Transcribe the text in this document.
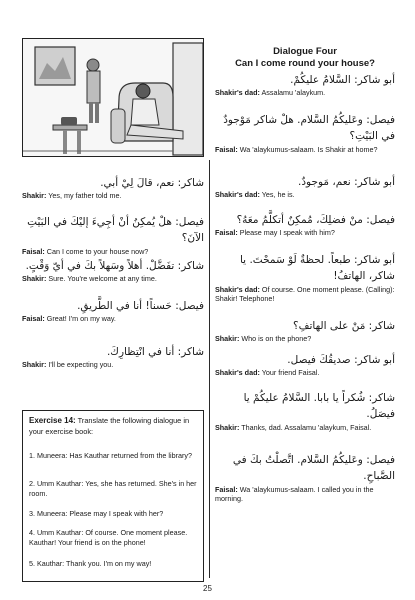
Dialogue Four
Can I come round your house?
شاكر: نعم، قالَ لِيْ أبي.
Shakir: Yes, my father told me.
فيصل: هلْ يُمكِنُ أنْ أجِيءَ إليْكَ في البَيْتِ الآنَ؟
Faisal: Can I come to your house now?
شاكر: تفَضَّلْ. أهلاً وسَهلاً بكَ في أيّ وَقْتٍ.
Shakir: Sure. You're welcome at any time.
فيصل: حَسناً! أنا في الطَّريقِ.
Faisal: Great! I'm on my way.
شاكر: أنا في انْتِظارِكَ.
Shakir: I'll be expecting you.
Exercise 14: Translate the following dialogue in your exercise book:
1. Muneera: Has Kauthar returned from the library?
2. Umm Kauthar: Yes, she has returned. She's in her room.
3. Muneera: Please may I speak with her?
4. Umm Kauthar: Of course. One moment please. Kauthar! Your friend is on the phone!
5. Kauthar: Thank you. I'm on my way!
أبو شاكر: السَّلامُ عليكُمْ.
Shakir's dad: Assalamu 'alaykum.
فيصل: وعَليكُمُ السَّلام. هلْ شاكر مَوْجودٌ في البَيْتِ؟
Faisal: Wa 'alaykumus-salaam. Is Shakir at home?
أبو شاكر: نعم، مَوجودٌ.
Shakir's dad: Yes, he is.
فيصل: منْ فضلِكَ، مُمكِنٌ أتكلَّمُ معَهُ؟
Faisal: Please may I speak with him?
أبو شاكر: طبعاً. لحظةٌ لَوْ سَمحْتَ. يا شاكر، الهاتفُ!
Shakir's dad: Of course. One moment please. (Calling): Shakir! Telephone!
شاكر: مَنْ على الهاتفِ؟
Shakir: Who is on the phone?
أبو شاكر: صديقُكَ فيصل.
Shakir's dad: Your friend Faisal.
شاكر: شُكراً يا بابا. السَّلامُ عليكُمْ يا فيصَلُ.
Shakir: Thanks, dad. Assalamu 'alaykum, Faisal.
فيصل: وعَليكُمُ السَّلام. اتَّصلْتُ بكَ في الصَّباحِ.
Faisal: Wa 'alaykumus-salaam. I called you in the morning.
25
